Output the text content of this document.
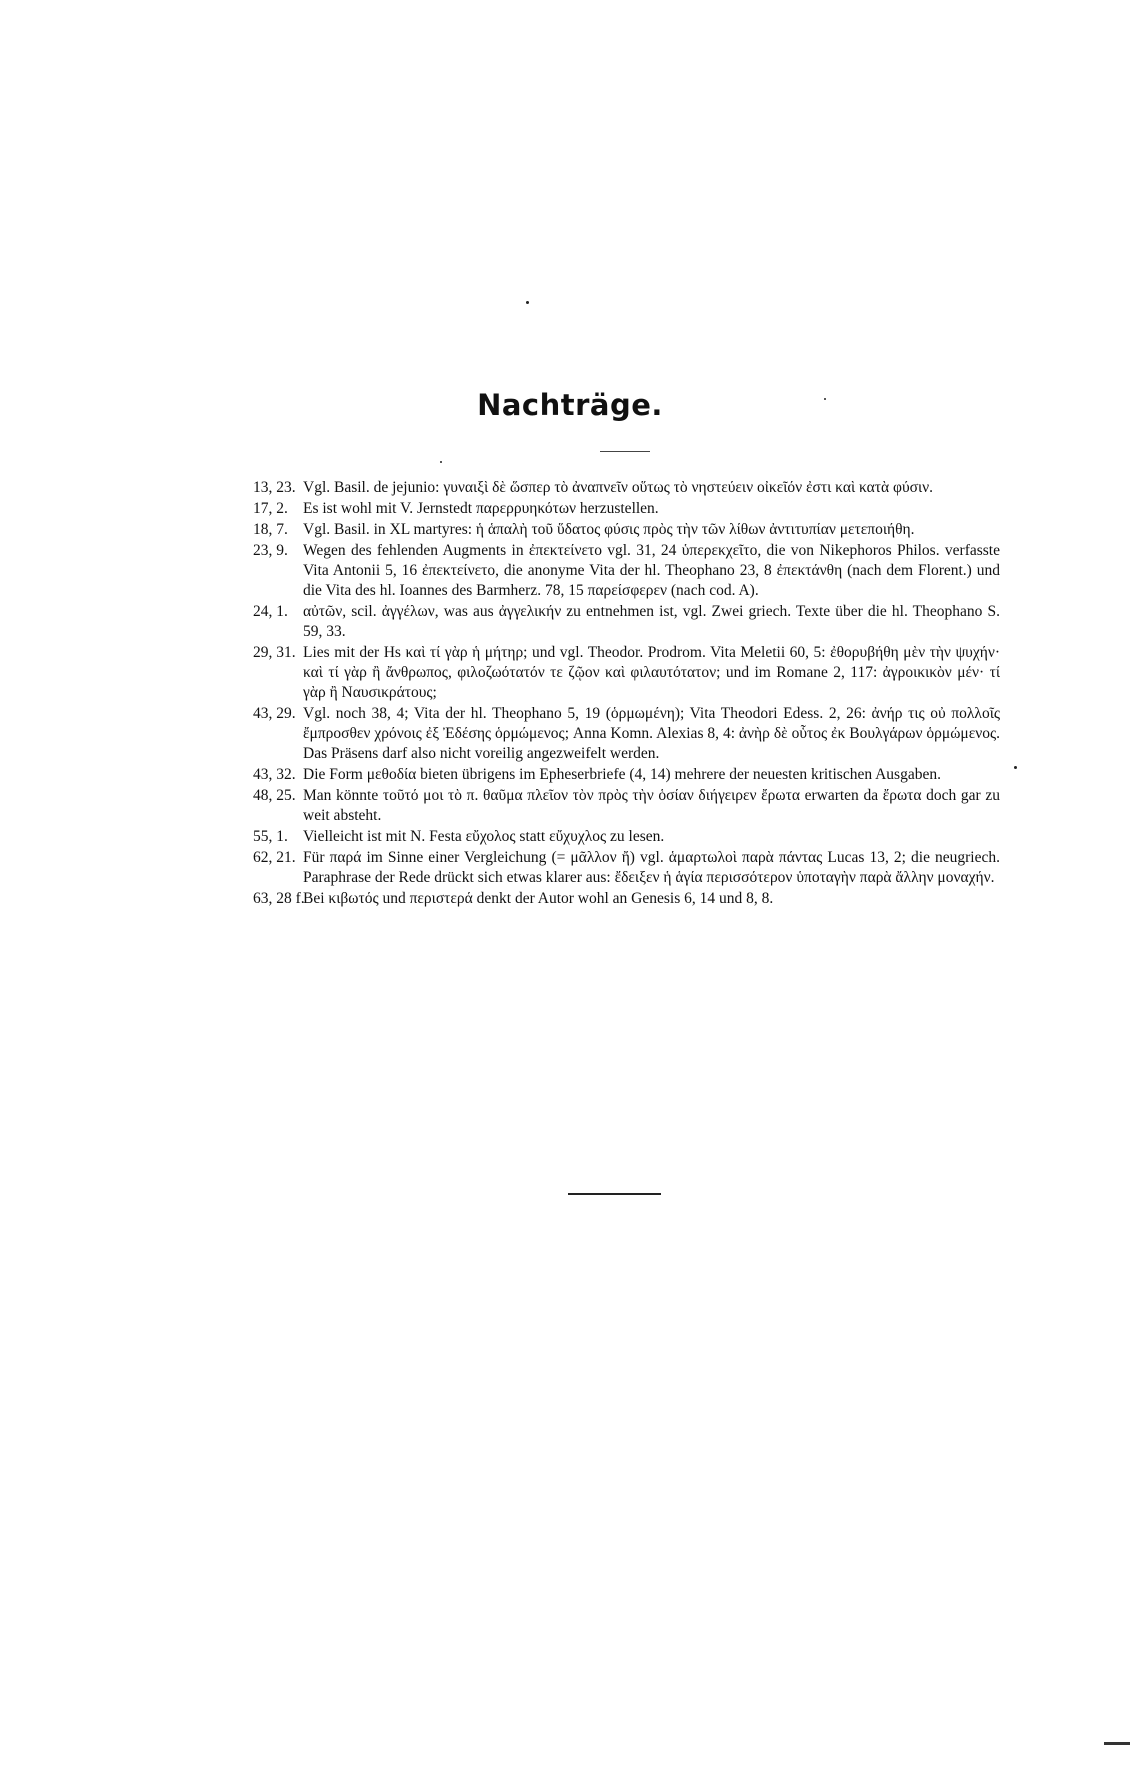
Nachträge.
13, 23. Vgl. Basil. de jejunio: γυναιξὶ δὲ ὥσπερ τὸ ἀναπνεῖν οὕτως τὸ νηστεύειν οἰκεῖόν ἐστι καὶ κατὰ φύσιν.
17, 2. Es ist wohl mit V. Jernstedt παρερρυηκότων herzustellen.
18, 7. Vgl. Basil. in XL martyres: ἡ ἁπαλὴ τοῦ ὕδατος φύσις πρὸς τὴν τῶν λίθων ἀντιτυπίαν μετεποιήθη.
23, 9. Wegen des fehlenden Augments in ἐπεκτείνετο vgl. 31, 24 ὑπερεκχεῖτο, die von Nikephoros Philos. verfasste Vita Antonii 5, 16 ἐπεκτείνετο, die anonyme Vita der hl. Theophano 23, 8 ἐπεκτάνθη (nach dem Florent.) und die Vita des hl. Ioannes des Barmherz. 78, 15 παρείσφερεν (nach cod. A).
24, 1. αὐτῶν, scil. ἀγγέλων, was aus ἀγγελικήν zu entnehmen ist, vgl. Zwei griech. Texte über die hl. Theophano S. 59, 33.
29, 31. Lies mit der Hs καὶ τί γὰρ ἡ μήτηρ; und vgl. Theodor. Prodrom. Vita Meletii 60, 5: ἐθορυβήθη μὲν τὴν ψυχήν· καὶ τί γὰρ ἢ ἄνθρωπος, φιλοζωότατόν τε ζῷον καὶ φιλαυτότατον; und im Romane 2, 117: ἀγροικικὸν μέν· τί γὰρ ἢ Ναυσικράτους;
43, 29. Vgl. noch 38, 4; Vita der hl. Theophano 5, 19 (ὁρμωμένη); Vita Theodori Edess. 2, 26: ἀνήρ τις οὐ πολλοῖς ἔμπροσθεν χρόνοις ἐξ Ἐδέσης ὁρμώμενος; Anna Komn. Alexias 8, 4: ἀνὴρ δὲ οὗτος ἐκ Βουλγάρων ὁρμώμενος. Das Präsens darf also nicht voreilig angezweifelt werden.
43, 32. Die Form μεθοδία bieten übrigens im Epheserbriefe (4, 14) mehrere der neuesten kritischen Ausgaben.
48, 25. Man könnte τοῦτό μοι τὸ π. θαῦμα πλεῖον τὸν πρὸς τὴν ὁσίαν διήγειρεν ἔρωτα erwarten da ἔρωτα doch gar zu weit absteht.
55, 1. Vielleicht ist mit N. Festa εὔχολος statt εὔχυχλος zu lesen.
62, 21. Für παρά im Sinne einer Vergleichung (= μᾶλλον ἤ) vgl. ἁμαρτωλοὶ παρὰ πάντας Lucas 13, 2; die neugriech. Paraphrase der Rede drückt sich etwas klarer aus: ἔδειξεν ἡ ἁγία περισσότερον ὑποταγὴν παρὰ ἄλλην μοναχήν.
63, 28 f.
Bei κιβωτός und περιστερά denkt der Autor wohl an Genesis 6, 14 und 8, 8.
